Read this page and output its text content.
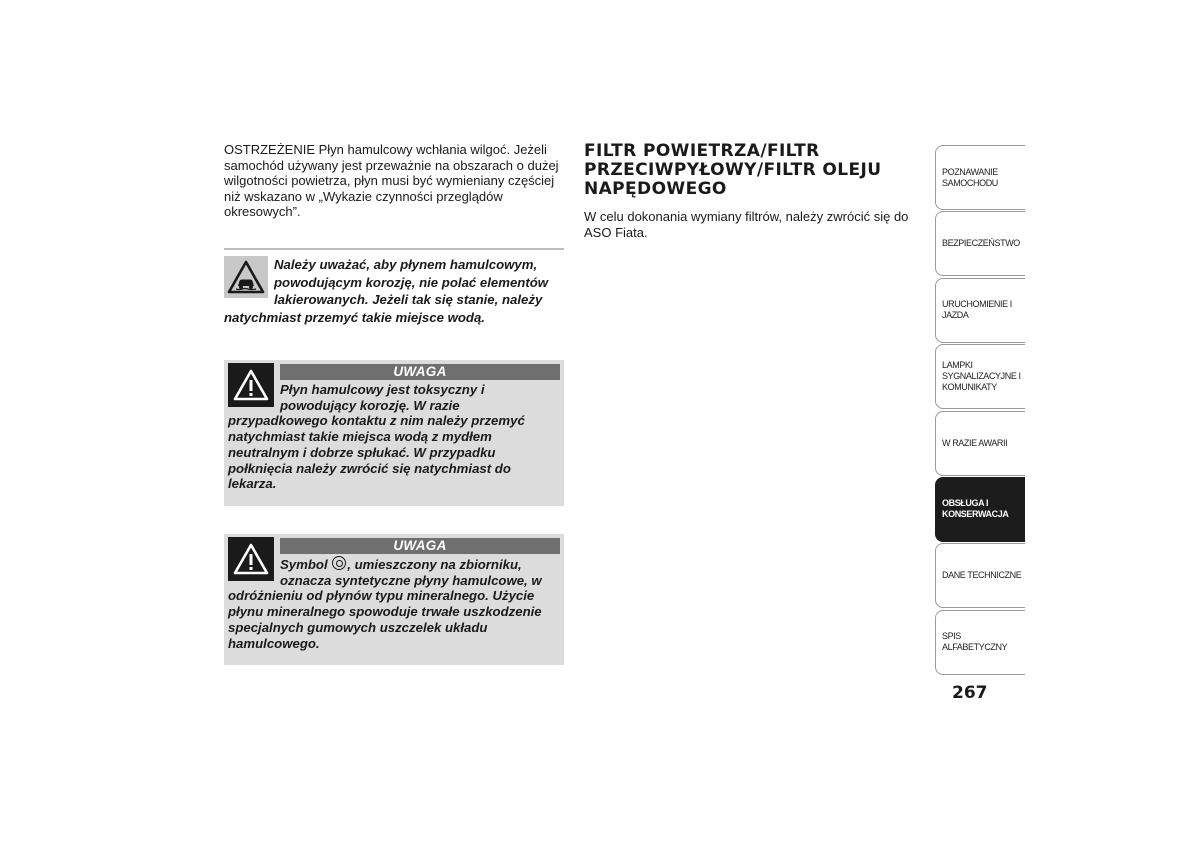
OSTRZEŻENIE Płyn hamulcowy wchłania wilgoć. Jeżeli samochód używany jest przeważnie na obszarach o dużej wilgotności powietrza, płyn musi być wymieniany częściej niż wskazano w „Wykazie czynności przeglądów okresowych”.

Należy uważać, aby płynem hamulcowym, powodującym korozję, nie polać elementów lakierowanych. Jeżeli tak się stanie, należy natychmiast przemyć takie miejsce wodą.

UWAGA

Płyn hamulcowy jest toksyczny i powodujący korozję. W razie przypadkowego kontaktu z nim należy przemyć natychmiast takie miejsca wodą z mydłem neutralnym i dobrze spłukać. W przypadku połknięcia należy zwrócić się natychmiast do lekarza.

UWAGA

Symbol , umieszczony na zbiorniku, oznacza syntetyczne płyny hamulcowe, w odróżnieniu od płynów typu mineralnego. Użycie płynu mineralnego spowoduje trwałe uszkodzenie specjalnych gumowych uszczelek układu hamulcowego.

FILTR POWIETRZA/FILTR PRZECIWPYŁOWY/FILTR OLEJU NAPĘDOWEGO

W celu dokonania wymiany filtrów, należy zwrócić się do ASO Fiata.

POZNAWANIE SAMOCHODU
BEZPIECZEŃSTWO
URUCHOMIENIE I JAZDA
LAMPKI SYGNALIZACYJNE I KOMUNIKATY
W RAZIE AWARII
OBSŁUGA I KONSERWACJA
DANE TECHNICZNE
SPIS ALFABETYCZNY
267
